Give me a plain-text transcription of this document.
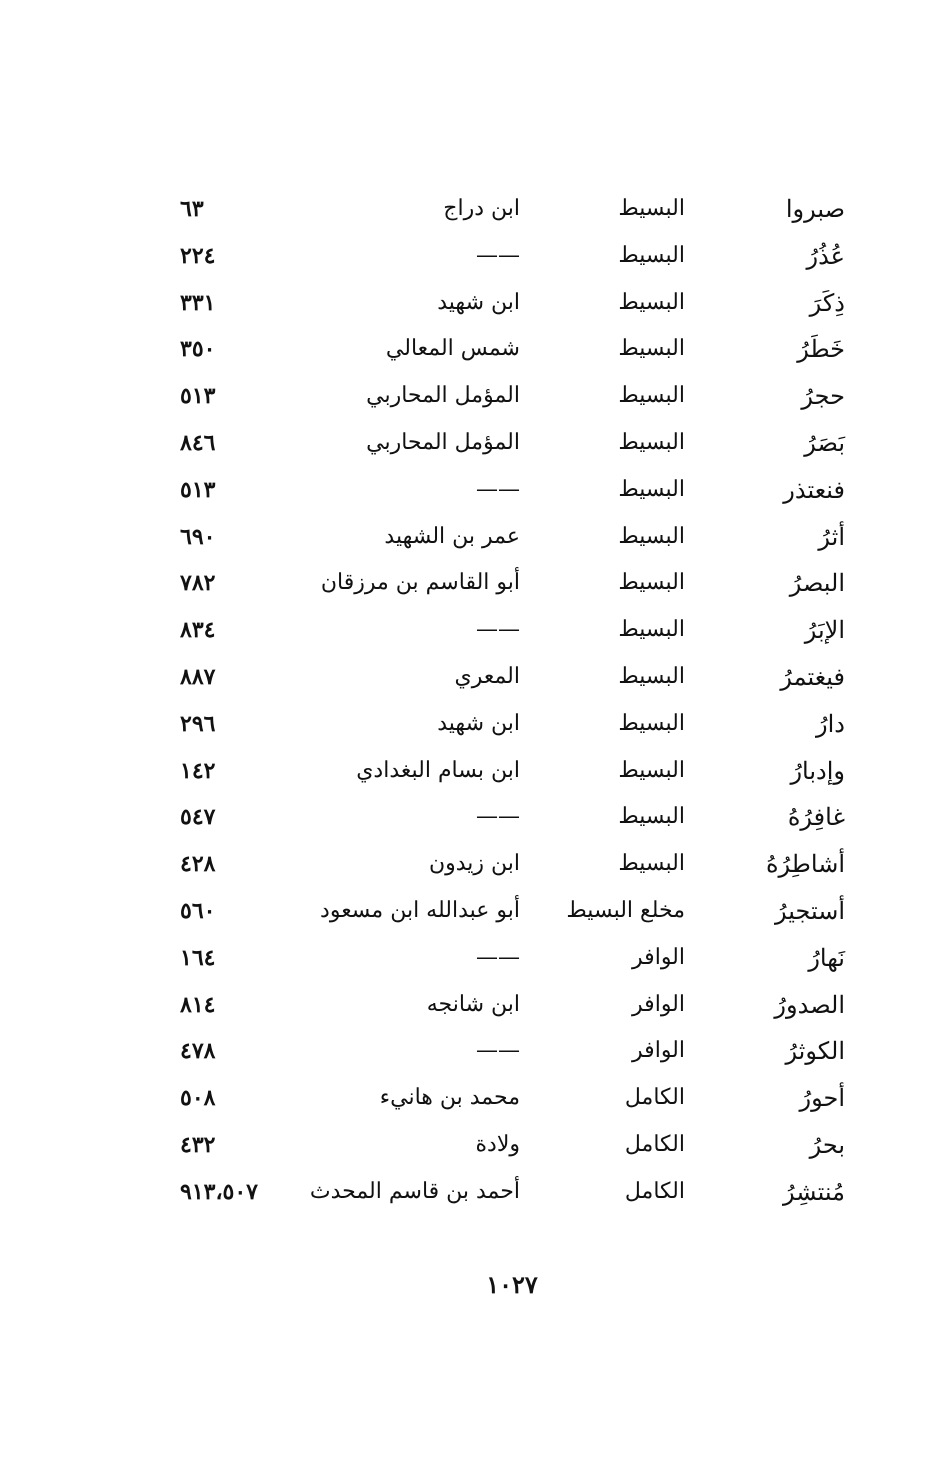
صبروا
البسيط
ابن دراج
٦٣
عُذُرُ
البسيط
——
٢٢٤
ذِكَرَ
البسيط
ابن شهيد
٣٣١
خَطَرُ
البسيط
شمس المعالي
٣٥٠
حجرُ
البسيط
المؤمل المحاربي
٥١٣
بَصَرُ
البسيط
المؤمل المحاربي
٨٤٦
فنعتذر
البسيط
——
٥١٣
أثرُ
البسيط
عمر بن الشهيد
٦٩٠
البصرُ
البسيط
أبو القاسم بن مرزقان
٧٨٢
الإبَرُ
البسيط
——
٨٣٤
فيغتمرُ
البسيط
المعري
٨٨٧
دارُ
البسيط
ابن شهيد
٢٩٦
وإدبارُ
البسيط
ابن بسام البغدادي
١٤٢
غافِرُهُ
البسيط
——
٥٤٧
أشاطِرُهُ
البسيط
ابن زيدون
٤٢٨
أستجيرُ
مخلع البسيط
أبو عبدالله ابن مسعود
٥٦٠
نَهارُ
الوافر
——
١٦٤
الصدورُ
الوافر
ابن شانجه
٨١٤
الكوثرُ
الوافر
——
٤٧٨
أحورُ
الكامل
محمد بن هانيء
٥٠٨
بحرُ
الكامل
ولادة
٤٣٢
مُنتشِرُ
الكامل
أحمد بن قاسم المحدث
٩١٣،٥٠٧
١٠٢٧
